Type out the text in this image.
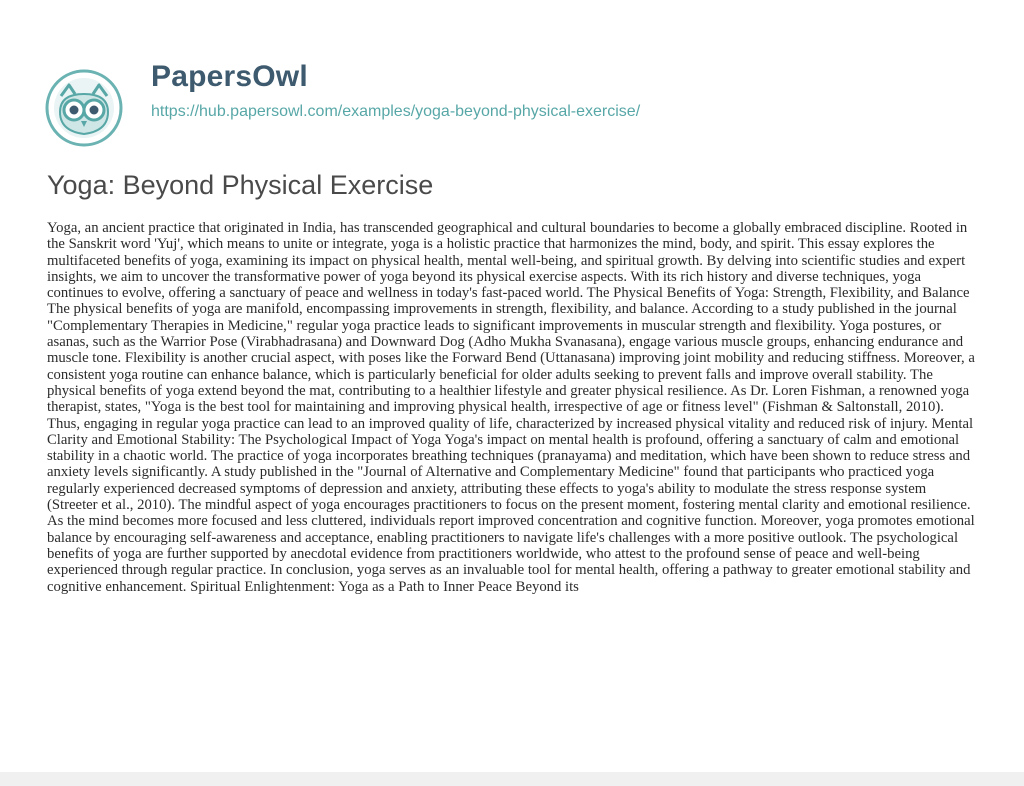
PapersOwl
https://hub.papersowl.com/examples/yoga-beyond-physical-exercise/
Yoga: Beyond Physical Exercise

Yoga, an ancient practice that originated in India, has transcended geographical and cultural boundaries to become a globally embraced discipline. Rooted in the Sanskrit word 'Yuj', which means to unite or integrate, yoga is a holistic practice that harmonizes the mind, body, and spirit. This essay explores the multifaceted benefits of yoga, examining its impact on physical health, mental well-being, and spiritual growth. By delving into scientific studies and expert insights, we aim to uncover the transformative power of yoga beyond its physical exercise aspects. With its rich history and diverse techniques, yoga continues to evolve, offering a sanctuary of peace and wellness in today's fast-paced world. The Physical Benefits of Yoga: Strength, Flexibility, and Balance The physical benefits of yoga are manifold, encompassing improvements in strength, flexibility, and balance. According to a study published in the journal "Complementary Therapies in Medicine," regular yoga practice leads to significant improvements in muscular strength and flexibility. Yoga postures, or asanas, such as the Warrior Pose (Virabhadrasana) and Downward Dog (Adho Mukha Svanasana), engage various muscle groups, enhancing endurance and muscle tone. Flexibility is another crucial aspect, with poses like the Forward Bend (Uttanasana) improving joint mobility and reducing stiffness. Moreover, a consistent yoga routine can enhance balance, which is particularly beneficial for older adults seeking to prevent falls and improve overall stability. The physical benefits of yoga extend beyond the mat, contributing to a healthier lifestyle and greater physical resilience. As Dr. Loren Fishman, a renowned yoga therapist, states, "Yoga is the best tool for maintaining and improving physical health, irrespective of age or fitness level" (Fishman & Saltonstall, 2010). Thus, engaging in regular yoga practice can lead to an improved quality of life, characterized by increased physical vitality and reduced risk of injury. Mental Clarity and Emotional Stability: The Psychological Impact of Yoga Yoga's impact on mental health is profound, offering a sanctuary of calm and emotional stability in a chaotic world. The practice of yoga incorporates breathing techniques (pranayama) and meditation, which have been shown to reduce stress and anxiety levels significantly. A study published in the "Journal of Alternative and Complementary Medicine" found that participants who practiced yoga regularly experienced decreased symptoms of depression and anxiety, attributing these effects to yoga's ability to modulate the stress response system (Streeter et al., 2010). The mindful aspect of yoga encourages practitioners to focus on the present moment, fostering mental clarity and emotional resilience. As the mind becomes more focused and less cluttered, individuals report improved concentration and cognitive function. Moreover, yoga promotes emotional balance by encouraging self-awareness and acceptance, enabling practitioners to navigate life's challenges with a more positive outlook. The psychological benefits of yoga are further supported by anecdotal evidence from practitioners worldwide, who attest to the profound sense of peace and well-being experienced through regular practice. In conclusion, yoga serves as an invaluable tool for mental health, offering a pathway to greater emotional stability and cognitive enhancement. Spiritual Enlightenment: Yoga as a Path to Inner Peace Beyond its
